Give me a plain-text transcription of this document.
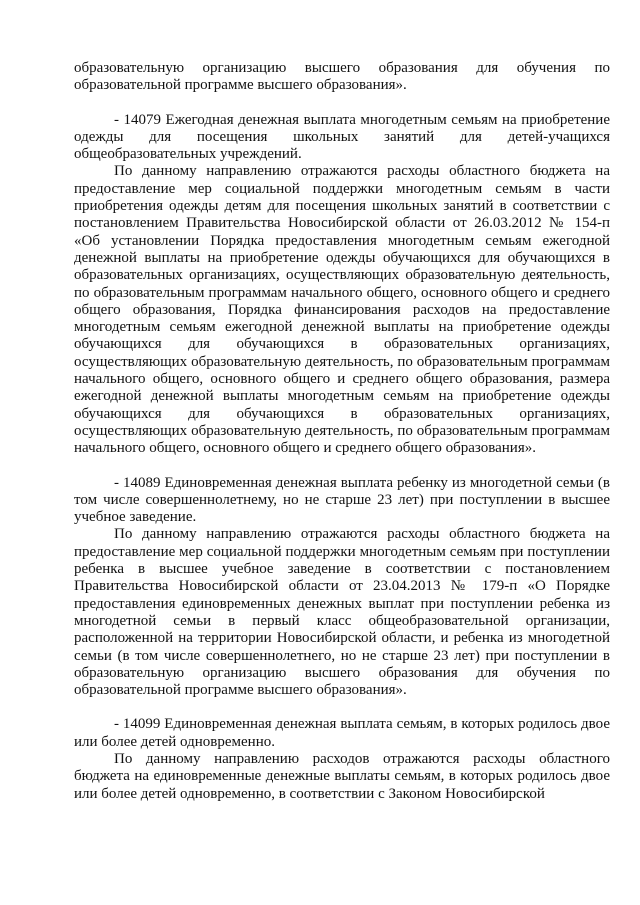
образовательную организацию высшего образования для обучения по образовательной программе высшего образования».

- 14079 Ежегодная денежная выплата многодетным семьям на приобретение одежды для посещения школьных занятий для детей-учащихся общеобразовательных учреждений.

По данному направлению отражаются расходы областного бюджета на предоставление мер социальной поддержки многодетным семьям в части приобретения одежды детям для посещения школьных занятий в соответствии с постановлением Правительства Новосибирской области от 26.03.2012 № 154-п «Об установлении Порядка предоставления многодетным семьям ежегодной денежной выплаты на приобретение одежды обучающихся для обучающихся в образовательных организациях, осуществляющих образовательную деятельность, по образовательным программам начального общего, основного общего и среднего общего образования, Порядка финансирования расходов на предоставление многодетным семьям ежегодной денежной выплаты на приобретение одежды обучающихся для обучающихся в образовательных организациях, осуществляющих образовательную деятельность, по образовательным программам начального общего, основного общего и среднего общего образования, размера ежегодной денежной выплаты многодетным семьям на приобретение одежды обучающихся для обучающихся в образовательных организациях, осуществляющих образовательную деятельность, по образовательным программам начального общего, основного общего и среднего общего образования».

- 14089 Единовременная денежная выплата ребенку из многодетной семьи (в том числе совершеннолетнему, но не старше 23 лет) при поступлении в высшее учебное заведение.

По данному направлению отражаются расходы областного бюджета на предоставление мер социальной поддержки многодетным семьям при поступлении ребенка в высшее учебное заведение в соответствии с постановлением Правительства Новосибирской области от 23.04.2013 № 179-п «О Порядке предоставления единовременных денежных выплат при поступлении ребенка из многодетной семьи в первый класс общеобразовательной организации, расположенной на территории Новосибирской области, и ребенка из многодетной семьи (в том числе совершеннолетнего, но не старше 23 лет) при поступлении в образовательную организацию высшего образования для обучения по образовательной программе высшего образования».

- 14099 Единовременная денежная выплата семьям, в которых родилось двое или более детей одновременно.

По данному направлению расходов отражаются расходы областного бюджета на единовременные денежные выплаты семьям, в которых родилось двое или более детей одновременно, в соответствии с Законом Новосибирской
